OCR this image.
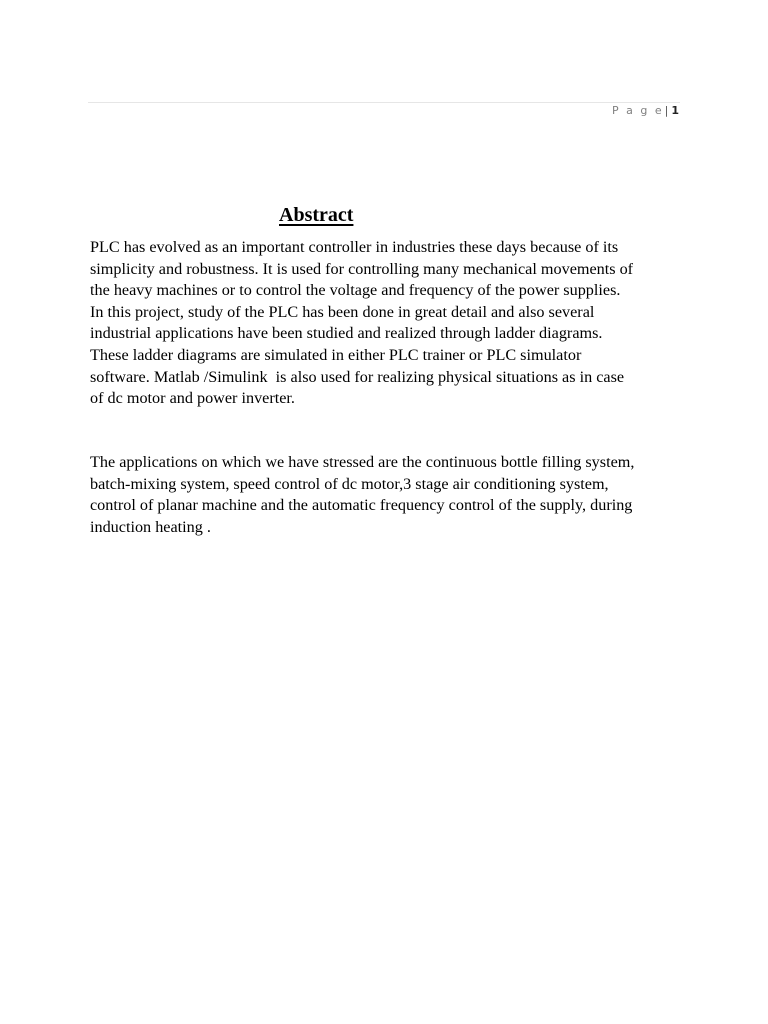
P a g e| 1
Abstract
PLC has evolved as an important controller in industries these days because of its
simplicity and robustness. It is used for controlling many mechanical movements of
the heavy machines or to control the voltage and frequency of the power supplies.
In this project, study of the PLC has been done in great detail and also several
industrial applications have been studied and realized through ladder diagrams.
These ladder diagrams are simulated in either PLC trainer or PLC simulator
software. Matlab /Simulink  is also used for realizing physical situations as in case
of dc motor and power inverter.
The applications on which we have stressed are the continuous bottle filling system,
batch-mixing system, speed control of dc motor,3 stage air conditioning system,
control of planar machine and the automatic frequency control of the supply, during
induction heating .
